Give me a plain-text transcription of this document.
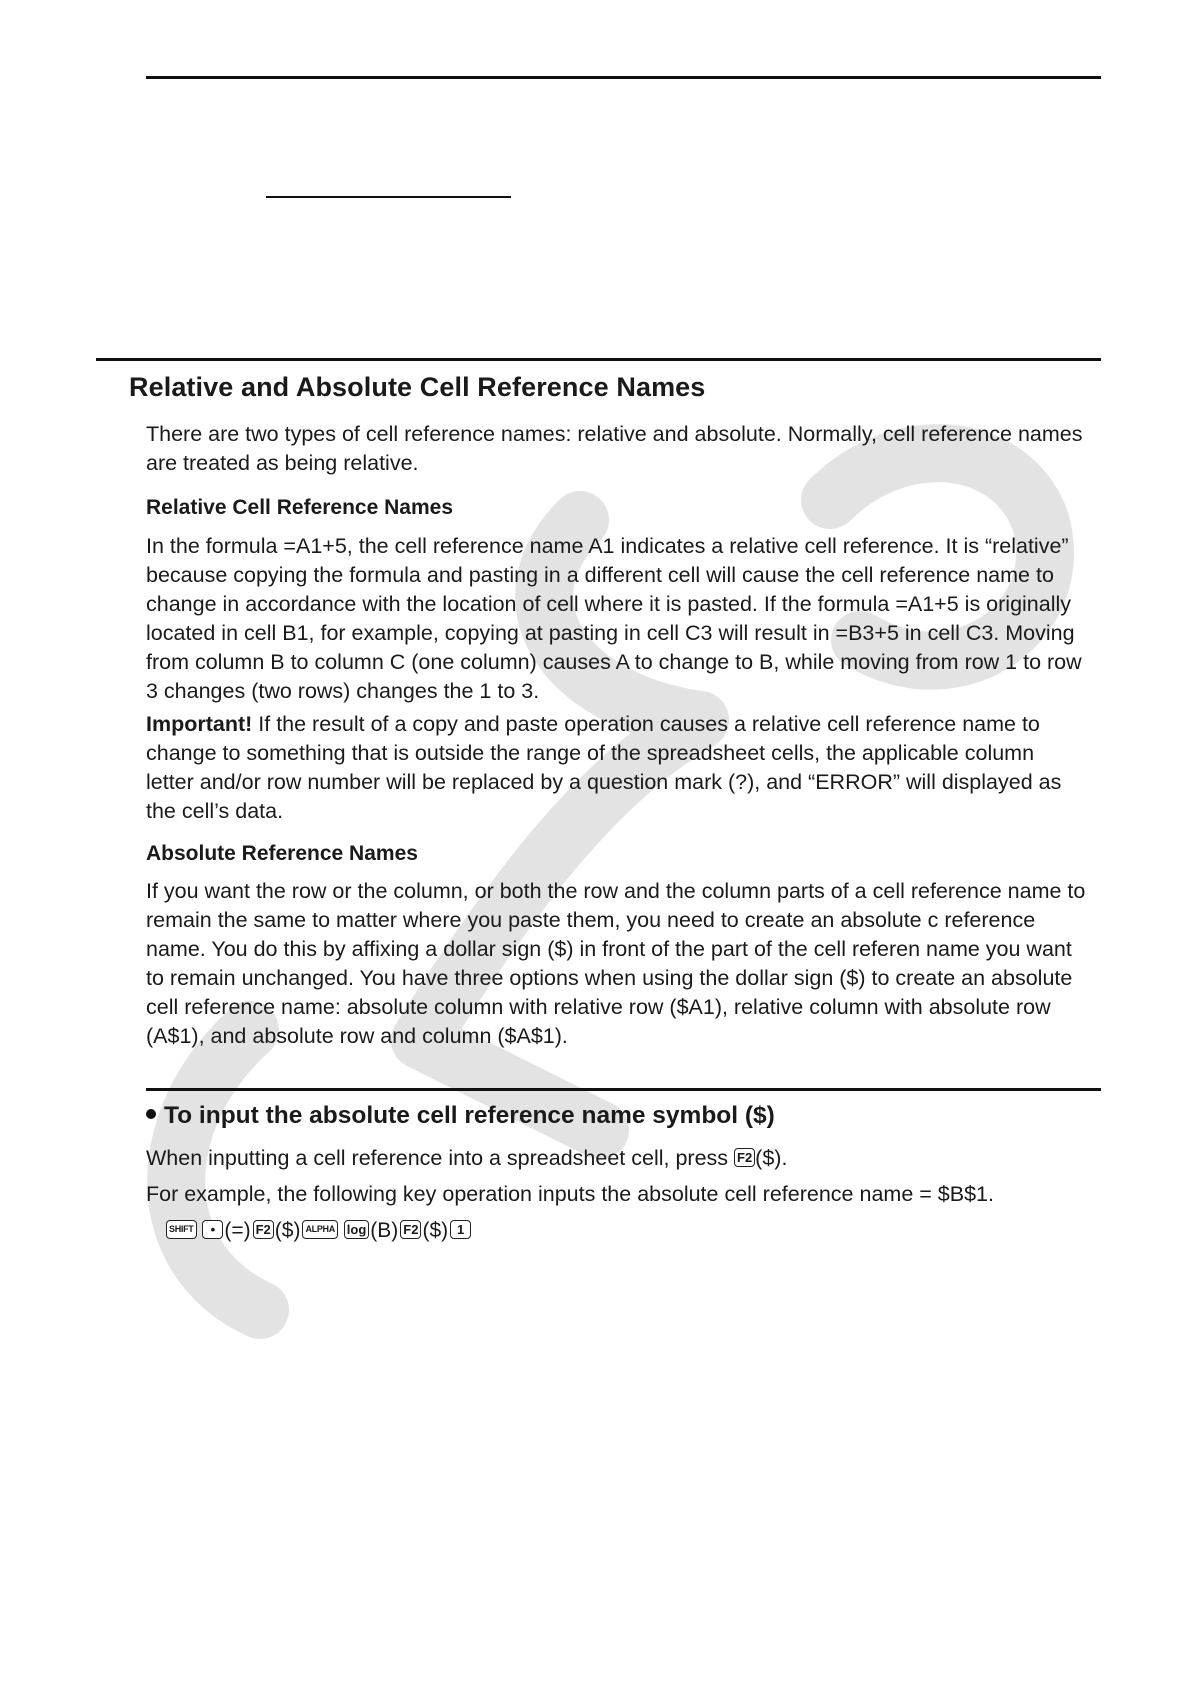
Relative and Absolute Cell Reference Names

There are two types of cell reference names: relative and absolute. Normally, cell reference names are treated as being relative.

Relative Cell Reference Names

In the formula =A1+5, the cell reference name A1 indicates a relative cell reference. It is “relative” because copying the formula and pasting in a different cell will cause the cell reference name to change in accordance with the location of cell where it is pasted. If the formula =A1+5 is originally located in cell B1, for example, copying at pasting in cell C3 will result in =B3+5 in cell C3. Moving from column B to column C (one column) causes A to change to B, while moving from row 1 to row 3 changes (two rows) changes the 1 to 3.

Important! If the result of a copy and paste operation causes a relative cell reference name to change to something that is outside the range of the spreadsheet cells, the applicable column letter and/or row number will be replaced by a question mark (?), and “ERROR” will displayed as the cell’s data.

Absolute Reference Names

If you want the row or the column, or both the row and the column parts of a cell reference name to remain the same to matter where you paste them, you need to create an absolute c reference name. You do this by affixing a dollar sign ($) in front of the part of the cell referen name you want to remain unchanged. You have three options when using the dollar sign ($) to create an absolute cell reference name: absolute column with relative row ($A1), relative column with absolute row (A$1), and absolute row and column ($A$1).

To input the absolute cell reference name symbol ($)
When inputting a cell reference into a spreadsheet cell, press F2 ($).
For example, the following key operation inputs the absolute cell reference name = $B$1.
SHIFT • (=) F2 ($) ALPHA log (B) F2 ($) 1
